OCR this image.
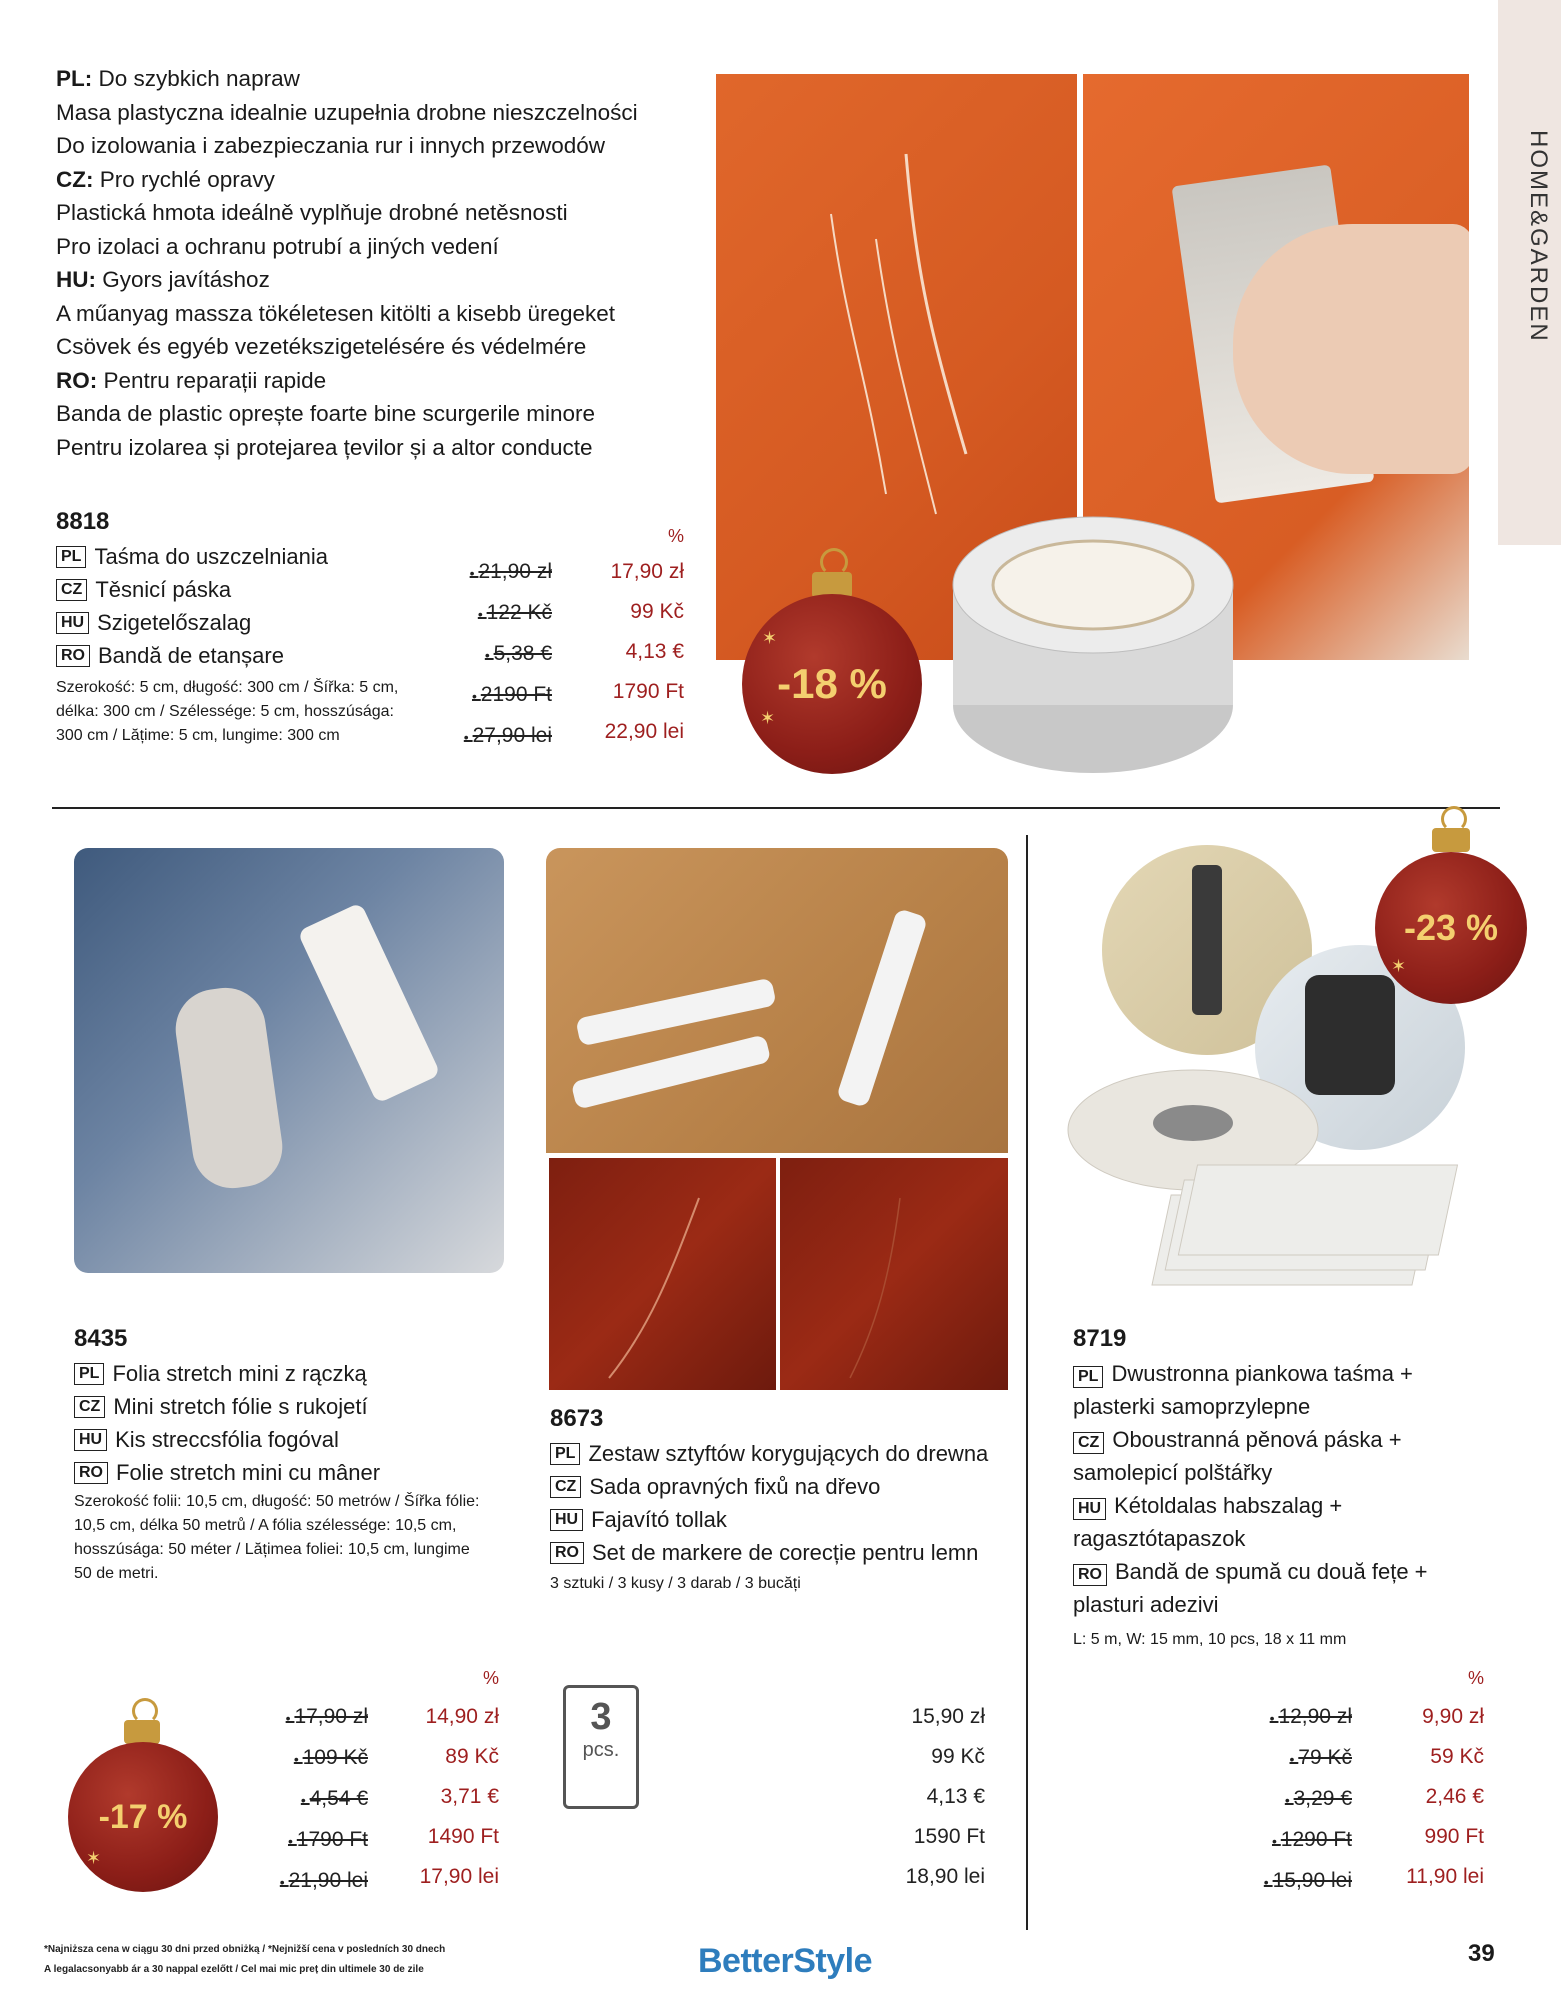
HOME&GARDEN
PL: Do szybkich napraw
Masa plastyczna idealnie uzupełnia drobne nieszczelności
Do izolowania i zabezpieczania rur i innych przewodów
CZ: Pro rychlé opravy
Plastická hmota ideálně vyplňuje drobné netěsnosti
Pro izolaci a ochranu potrubí a jiných vedení
HU: Gyors javításhoz
A műanyag massza tökéletesen kitölti a kisebb üregeket
Csövek és egyéb vezetékszigetelésére és védelmére
RO: Pentru reparații rapide
Banda de plastic oprește foarte bine scurgerile minore
Pentru izolarea și protejarea țevilor și a altor conducte
8818
PL Taśma do uszczelniania
CZ Těsnicí páska
HU Szigetelőszalag
RO Bandă de etanșare
Szerokość: 5 cm, długość: 300 cm / Šířka: 5 cm, délka: 300 cm / Szélessége: 5 cm, hosszúsága: 300 cm / Lățime: 5 cm, lungime: 300 cm
%
• 21,90 zł
• 122 Kč
• 5,38 €
• 2190 Ft
• 27,90 lei
17,90 zł
99 Kč
4,13 €
1790 Ft
22,90 lei
-18 %
✶
✶
8435
PL Folia stretch mini z rączką
CZ Mini stretch fólie s rukojetí
HU Kis streccsfólia fogóval
RO Folie stretch mini cu mâner
Szerokość folii: 10,5 cm, długość: 50 metrów / Šířka fólie: 10,5 cm, délka 50 metrů / A fólia szélessége: 10,5 cm, hosszúsága: 50 méter / Lățimea foliei: 10,5 cm, lungime 50 de metri.
%
• 17,90 zł
• 109 Kč
• 4,54 €
• 1790 Ft
• 21,90 lei
14,90 zł
89 Kč
3,71 €
1490 Ft
17,90 lei
-17 %
✶
8673
PL Zestaw sztyftów korygujących do drewna
CZ Sada opravných fixů na dřevo
HU Fajavító tollak
RO Set de markere de corecție pentru lemn
3 sztuki / 3 kusy / 3 darab / 3 bucăți
3
pcs.
15,90 zł
99 Kč
4,13 €
1590 Ft
18,90 lei
-23 %
✶
8719
PL Dwustronna piankowa taśma + plasterki samoprzylepne
CZ Oboustranná pěnová páska + samolepicí polštářky
HU Kétoldalas habszalag + ragasztótapaszok
RO Bandă de spumă cu două fețe + plasturi adezivi
L: 5 m, W: 15 mm, 10 pcs, 18 x 11 mm
%
• 12,90 zł
• 79 Kč
• 3,29 €
• 1290 Ft
• 15,90 lei
9,90 zł
59 Kč
2,46 €
990 Ft
11,90 lei
*Najniższa cena w ciągu 30 dni przed obniżką / *Nejnižší cena v posledních 30 dnech
A legalacsonyabb ár a 30 nappal ezelőtt / Cel mai mic preț din ultimele 30 de zile	BetterStyle	39
